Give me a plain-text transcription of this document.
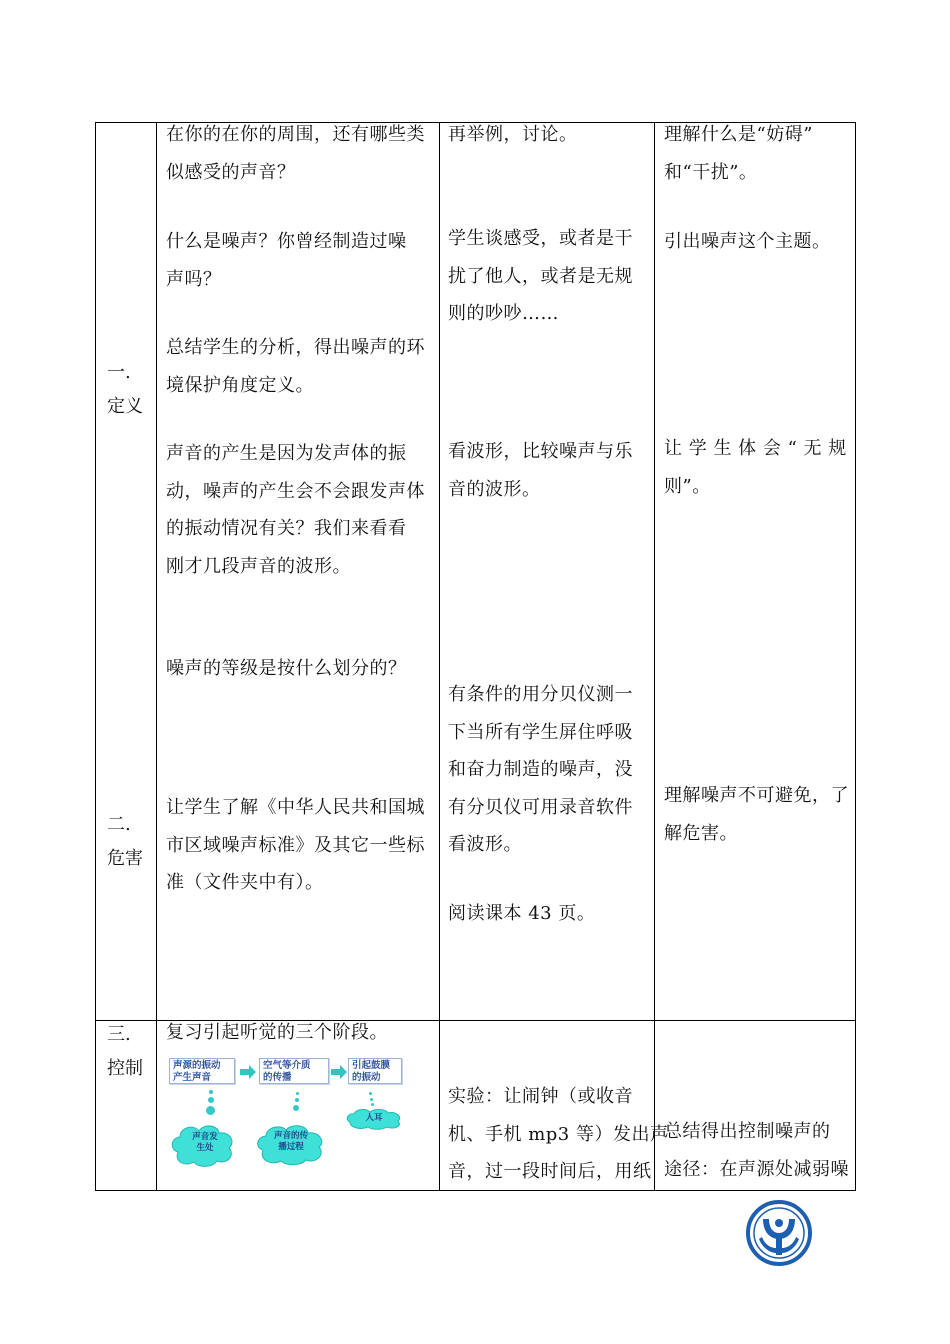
一.
定义
二.
危害
三.
控制
在你的在你的周围，还有哪些类
似感受的声音？
什么是噪声？你曾经制造过噪
声吗？
总结学生的分析，得出噪声的环
境保护角度定义。
声音的产生是因为发声体的振
动，噪声的产生会不会跟发声体
的振动情况有关？我们来看看
刚才几段声音的波形。
噪声的等级是按什么划分的？
让学生了解《中华人民共和国城
市区域噪声标准》及其它一些标
准（文件夹中有）。
复习引起听觉的三个阶段。
声源的振动
产生声音
空气等介质
的传播
引起鼓膜
的振动
声音发
生处
声音的传
播过程
人耳
再举例，讨论。
学生谈感受，或者是干
扰了他人，或者是无规
则的吵吵……
看波形，比较噪声与乐
音的波形。
有条件的用分贝仪测一
下当所有学生屏住呼吸
和奋力制造的噪声，没
有分贝仪可用录音软件
看波形。
阅读课本 43 页。
实验：让闹钟（或收音
机、手机 mp3 等）发出声
音，过一段时间后，用纸
理解什么是“妨碍”
和“干扰”。
引出噪声这个主题。
让 学 生 体 会 “ 无 规
则”。
理解噪声不可避免，了
解危害。
总结得出控制噪声的
途径：在声源处减弱噪
